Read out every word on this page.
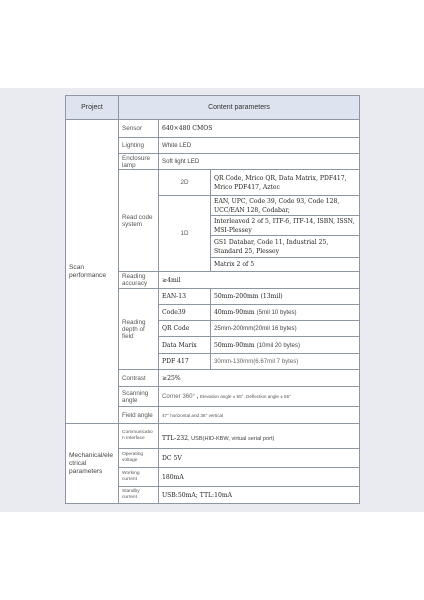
Project	Content parameters		
Scan performance	Sensor	640×480 CMOS	
	Lighting	White LED	
	Enclosure lamp	Soft light LED	
	Read code system	2D	QR Code, Mrico QR, Data Matrix, PDF417, Mrico PDF417, Aztec
		1D	EAN, UPC, Code 39, Code 93, Code 128, UCC/EAN 128, Codabar,
			Interleaved 2 of 5, ITF-6, ITF-14, ISBN, ISSN, MSI-Plessey
			GS1 Databar, Code 11, Industrial 25, Standard 25, Plessey
			Matrix 2 of 5
	Reading accuracy	≥4mil	
	Reading depth of field	EAN-13	50mm-200mm (13mil)
		Code39	40mm-90mm (5mil 10 bytes)
		QR Code	25mm-200mm(20mil 16 bytes)
		Data Marix	50mm-90mm (10mil 20 bytes)
		PDF 417	30mm-130mm(6.67mil 7 bytes)
	Contrast	≥25%	
	Scanning angle	Corner 360° , Elevation angle ± 55°, Deflection angle ± 55°	
	Field angle	47° horizontal and 36° vertical	
Mechanical/electrical parameters	Communication Interface	TTL-232, USB(HID-KBW, virtual serial port)	
	Operating voltage	DC 5V	
	Working current	180mA	
	Standby current	USB:50mA; TTL:10mA	
